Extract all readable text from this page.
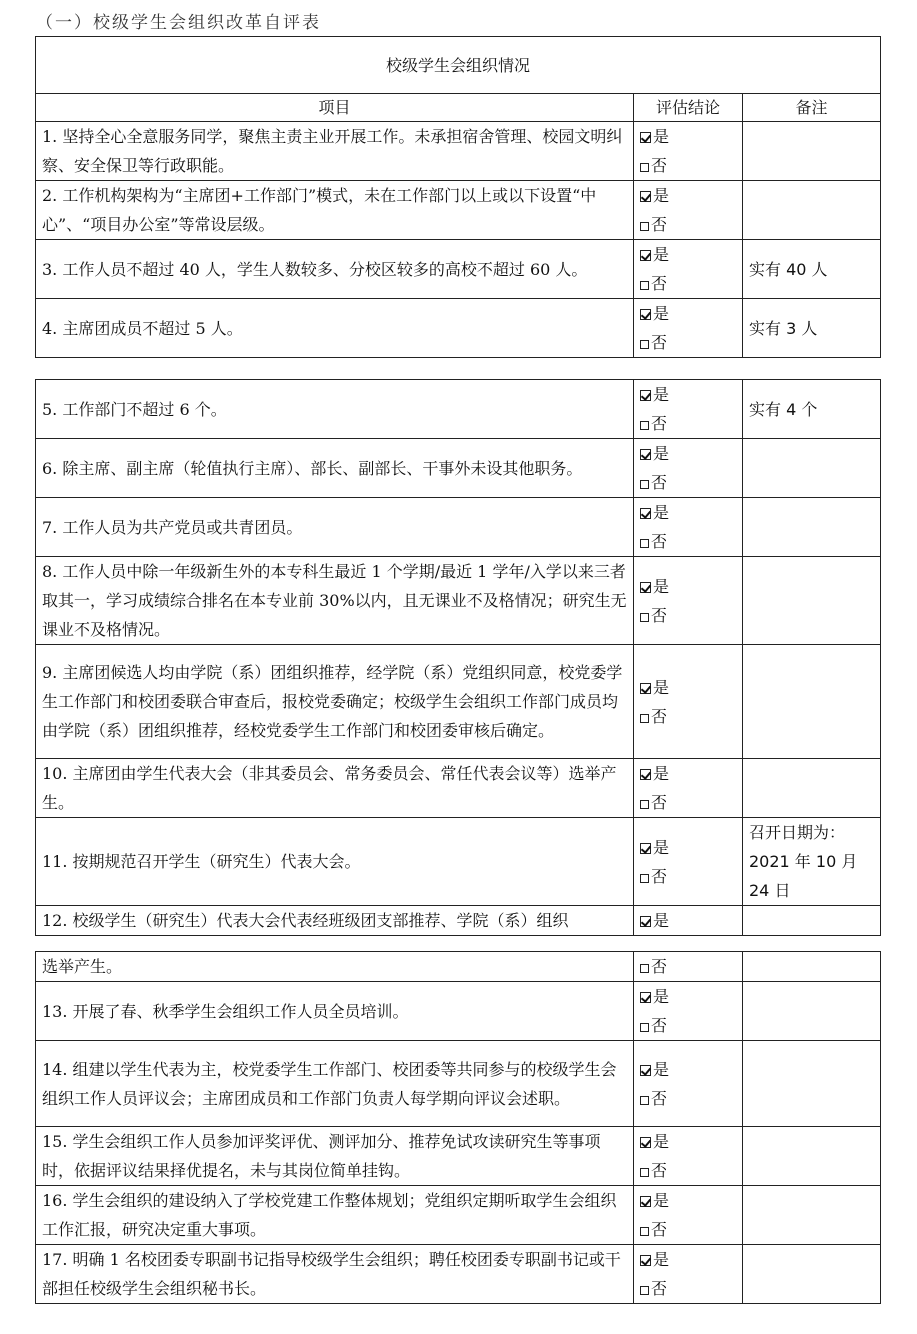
（一）校级学生会组织改革自评表
校级学生会组织情况		
项目	评估结论	备注
1. 坚持全心全意服务同学，聚焦主责主业开展工作。未承担宿舍管理、校园文明纠察、安全保卫等行政职能。	是
否	

2. 工作机构架构为“主席团+工作部门”模式，未在工作部门以上或以下设置“中心”、“项目办公室”等常设层级。	是
否	

3. 工作人员不超过 40 人，学生人数较多、分校区较多的高校不超过 60 人。	是
否	实有 40 人
4. 主席团成员不超过 5 人。	是
否	实有 3 人
5. 工作部门不超过 6 个。	是
否	实有 4 个
6. 除主席、副主席（轮值执行主席）、部长、副部长、干事外未设其他职务。	是
否	

7. 工作人员为共产党员或共青团员。	是
否	

8. 工作人员中除一年级新生外的本专科生最近 1 个学期/最近 1 学年/入学以来三者取其一，学习成绩综合排名在本专业前 30%以内，且无课业不及格情况；研究生无课业不及格情况。	是
否	

9. 主席团候选人均由学院（系）团组织推荐，经学院（系）党组织同意，校党委学生工作部门和校团委联合审查后，报校党委确定；校级学生会组织工作部门成员均由学院（系）团组织推荐，经校党委学生工作部门和校团委审核后确定。	是
否	

10. 主席团由学生代表大会（非其委员会、常务委员会、常任代表会议等）选举产生。	是
否	

11. 按期规范召开学生（研究生）代表大会。	是
否	召开日期为：2021 年 10 月 24 日
12. 校级学生（研究生）代表大会代表经班级团支部推荐、学院（系）组织	是	

选举产生。	否	

13. 开展了春、秋季学生会组织工作人员全员培训。	是
否	

14. 组建以学生代表为主，校党委学生工作部门、校团委等共同参与的校级学生会组织工作人员评议会；主席团成员和工作部门负责人每学期向评议会述职。	是
否	

15. 学生会组织工作人员参加评奖评优、测评加分、推荐免试攻读研究生等事项时，依据评议结果择优提名，未与其岗位简单挂钩。	是
否	

16. 学生会组织的建设纳入了学校党建工作整体规划；党组织定期听取学生会组织工作汇报，研究决定重大事项。	是
否	

17. 明确 1 名校团委专职副书记指导校级学生会组织；聘任校团委专职副书记或干部担任校级学生会组织秘书长。	是
否	
